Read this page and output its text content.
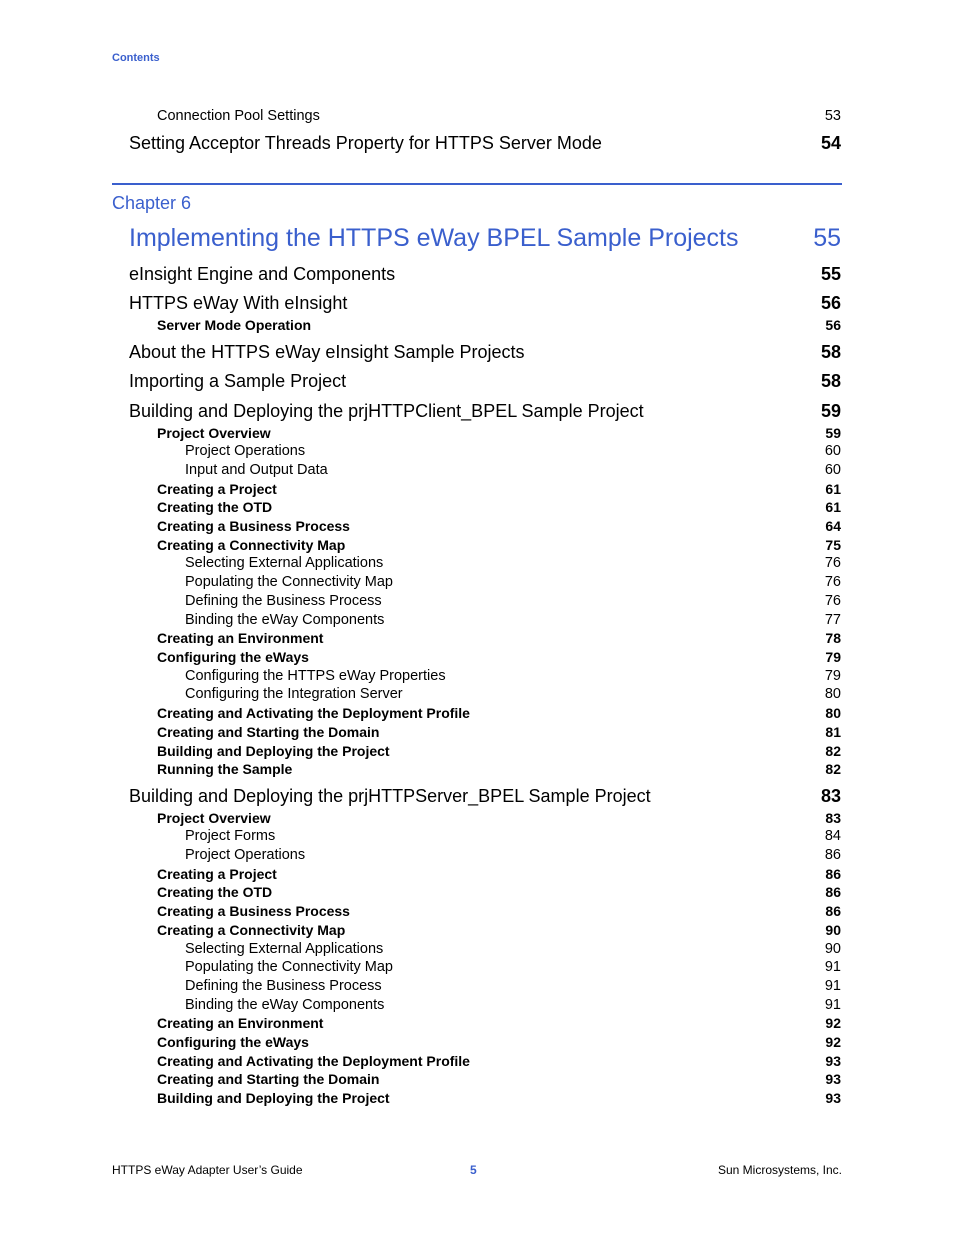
Contents
Connection Pool Settings	53
Setting Acceptor Threads Property for HTTPS Server Mode	54
Chapter 6
Implementing the HTTPS eWay BPEL Sample Projects	55
eInsight Engine and Components	55
HTTPS eWay With eInsight	56
Server Mode Operation	56
About the HTTPS eWay eInsight Sample Projects	58
Importing a Sample Project	58
Building and Deploying the prjHTTPClient_BPEL Sample Project	59
Project Overview	59
Project Operations	60
Input and Output Data	60
Creating a Project	61
Creating the OTD	61
Creating a Business Process	64
Creating a Connectivity Map	75
Selecting External Applications	76
Populating the Connectivity Map	76
Defining the Business Process	76
Binding the eWay Components	77
Creating an Environment	78
Configuring the eWays	79
Configuring the HTTPS eWay Properties	79
Configuring the Integration Server	80
Creating and Activating the Deployment Profile	80
Creating and Starting the Domain	81
Building and Deploying the Project	82
Running the Sample	82
Building and Deploying the prjHTTPServer_BPEL Sample Project	83
Project Overview	83
Project Forms	84
Project Operations	86
Creating a Project	86
Creating the OTD	86
Creating a Business Process	86
Creating a Connectivity Map	90
Selecting External Applications	90
Populating the Connectivity Map	91
Defining the Business Process	91
Binding the eWay Components	91
Creating an Environment	92
Configuring the eWays	92
Creating and Activating the Deployment Profile	93
Creating and Starting the Domain	93
Building and Deploying the Project	93
HTTPS eWay Adapter User’s Guide	5	Sun Microsystems, Inc.
